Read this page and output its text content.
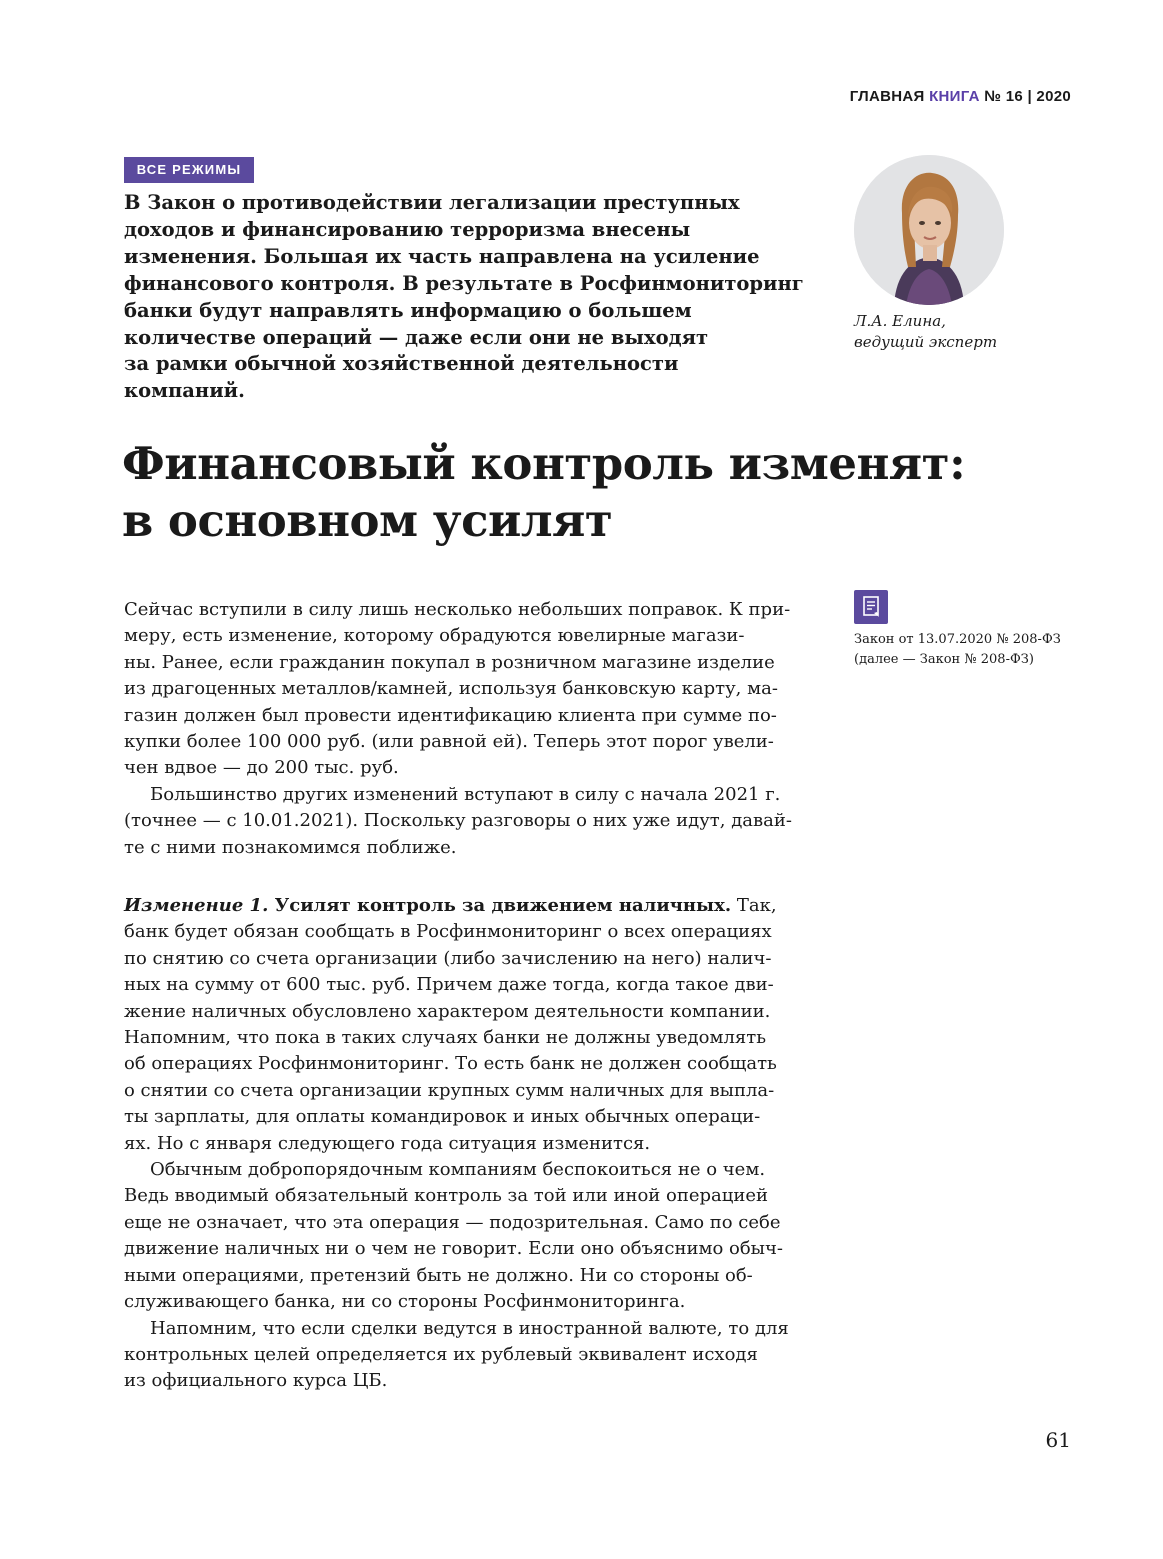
ГЛАВНАЯ КНИГА № 16 | 2020
ВСЕ РЕЖИМЫ
В Закон о противодействии легализации преступных
доходов и финансированию терроризма внесены
изменения. Большая их часть направлена на усиление
финансового контроля. В результате в Росфинмониторинг
банки будут направлять информацию о большем
количестве операций — даже если они не выходят
за рамки обычной хозяйственной деятельности
компаний.
Л.А. Елина,
ведущий эксперт
Финансовый контроль изменят:
в основном усилят
Закон от 13.07.2020 № 208-ФЗ
(далее — Закон № 208-ФЗ)
Сейчас вступили в силу лишь несколько небольших поправок. К при-
меру, есть изменение, которому обрадуются ювелирные магази-
ны. Ранее, если гражданин покупал в розничном магазине изделие
из драгоценных металлов/камней, используя банковскую карту, ма-
газин должен был провести идентификацию клиента при сумме по-
купки более 100 000 руб. (или равной ей). Теперь этот порог увели-
чен вдвое — до 200 тыс. руб.
Большинство других изменений вступают в силу с начала 2021 г.
(точнее — с 10.01.2021). Поскольку разговоры о них уже идут, давай-
те с ними познакомимся поближе.
Изменение 1. Усилят контроль за движением наличных. Так,
банк будет обязан сообщать в Росфинмониторинг о всех операциях
по снятию со счета организации (либо зачислению на него) налич-
ных на сумму от 600 тыс. руб. Причем даже тогда, когда такое дви-
жение наличных обусловлено характером деятельности компании.
Напомним, что пока в таких случаях банки не должны уведомлять
об операциях Росфинмониторинг. То есть банк не должен сообщать
о снятии со счета организации крупных сумм наличных для выпла-
ты зарплаты, для оплаты командировок и иных обычных операци-
ях. Но с января следующего года ситуация изменится.
Обычным добропорядочным компаниям беспокоиться не о чем.
Ведь вводимый обязательный контроль за той или иной операцией
еще не означает, что эта операция — подозрительная. Само по себе
движение наличных ни о чем не говорит. Если оно объяснимо обыч-
ными операциями, претензий быть не должно. Ни со стороны об-
служивающего банка, ни со стороны Росфинмониторинга.
Напомним, что если сделки ведутся в иностранной валюте, то для
контрольных целей определяется их рублевый эквивалент исходя
из официального курса ЦБ.
61
